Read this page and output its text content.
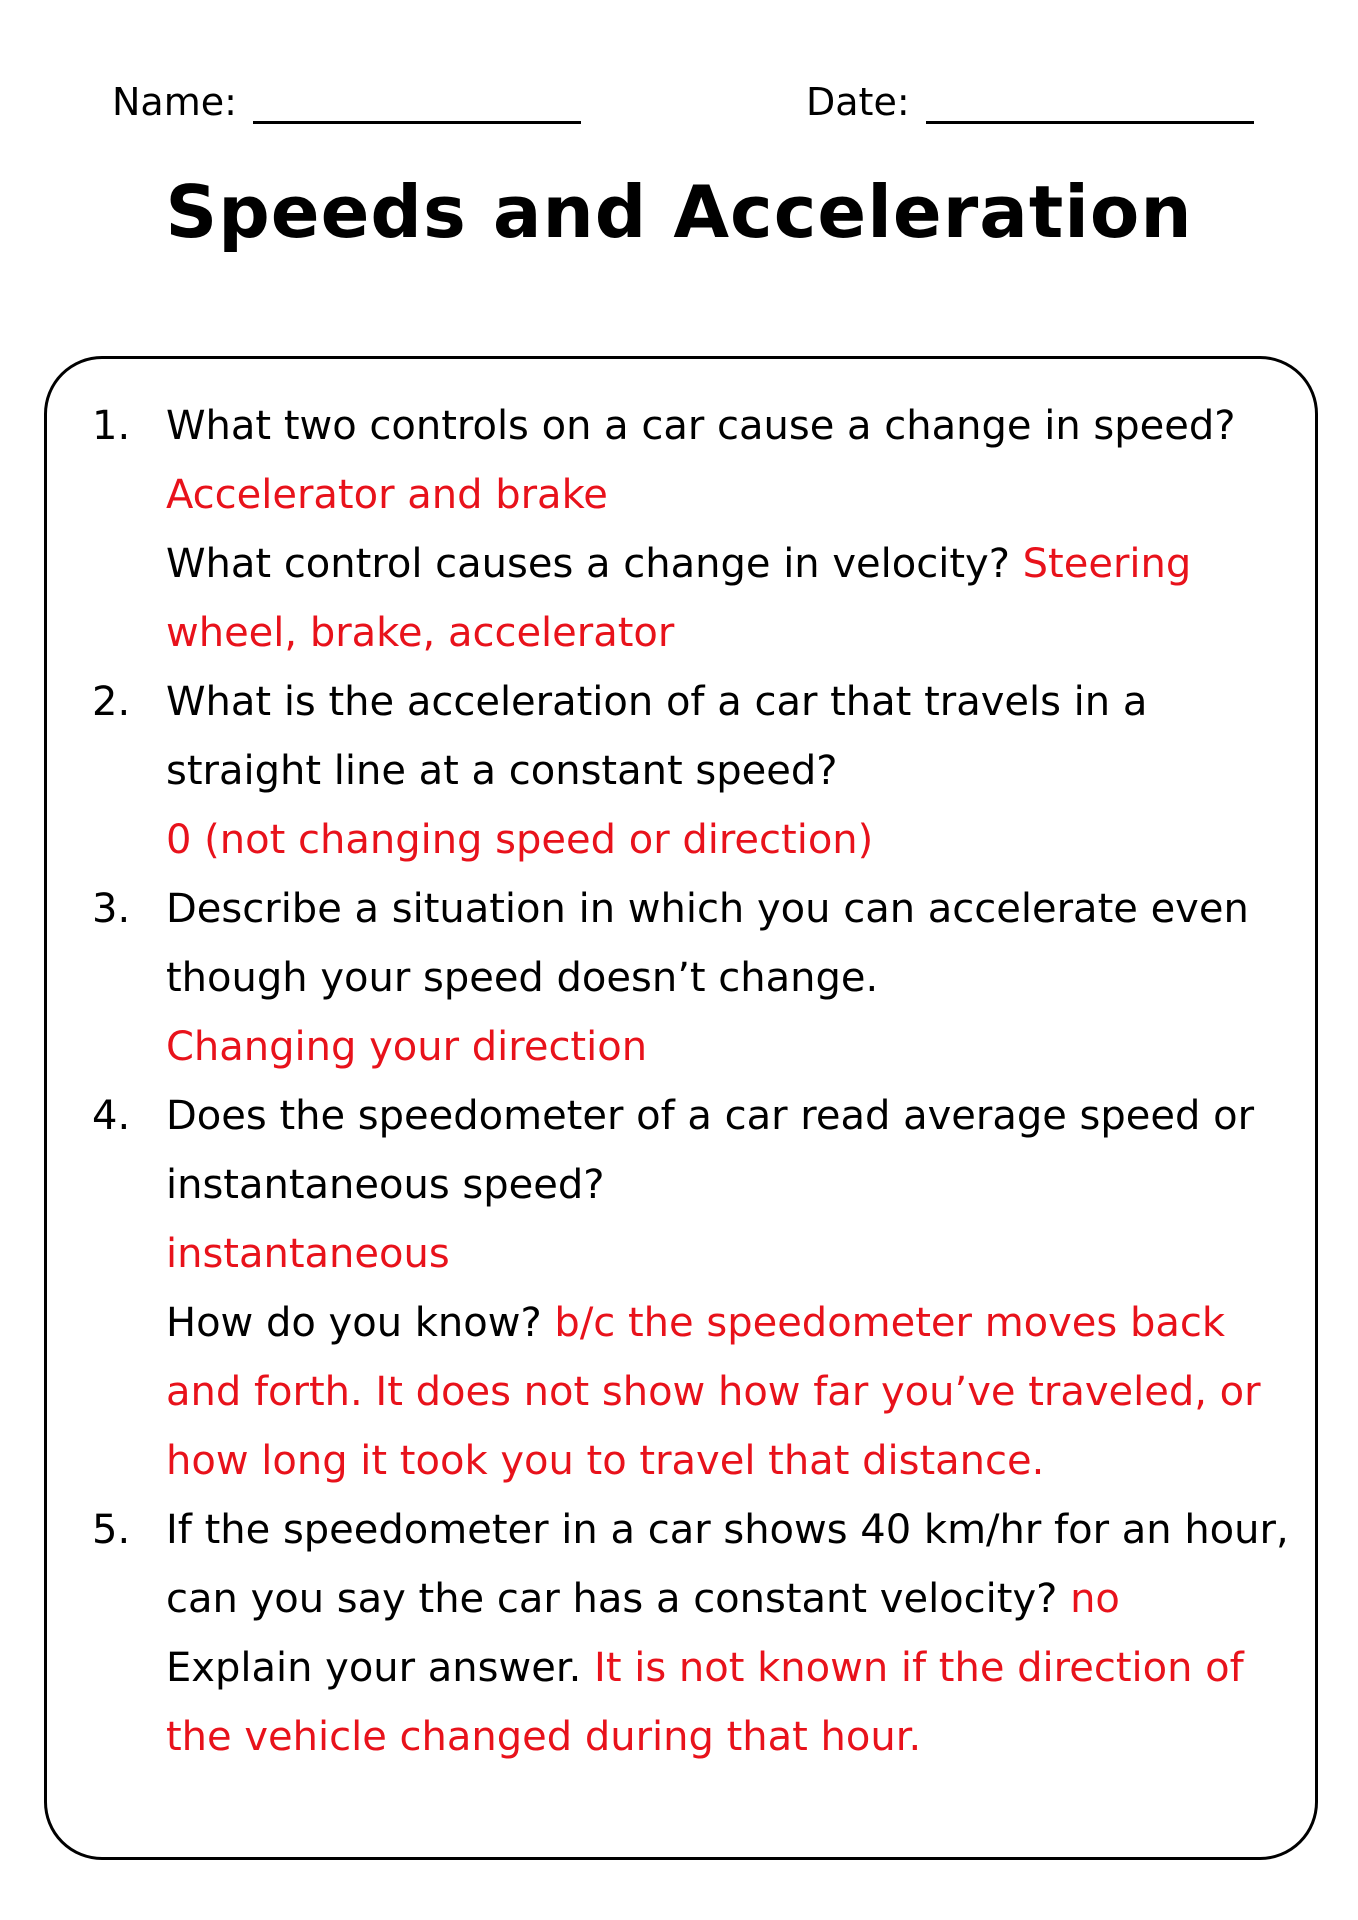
Name:	Date:
Speeds and Acceleration
1. What two controls on a car cause a change in speed? Accelerator and brake
What control causes a change in velocity? Steering wheel, brake, accelerator
2. What is the acceleration of a car that travels in a straight line at a constant speed?
0 (not changing speed or direction)
3. Describe a situation in which you can accelerate even though your speed doesn’t change.
Changing your direction
4. Does the speedometer of a car read average speed or instantaneous speed?
instantaneous
How do you know? b/c the speedometer moves back and forth. It does not show how far you’ve traveled, or how long it took you to travel that distance.
5. If the speedometer in a car shows 40 km/hr for an hour, can you say the car has a constant velocity? no
Explain your answer. It is not known if the direction of the vehicle changed during that hour.
